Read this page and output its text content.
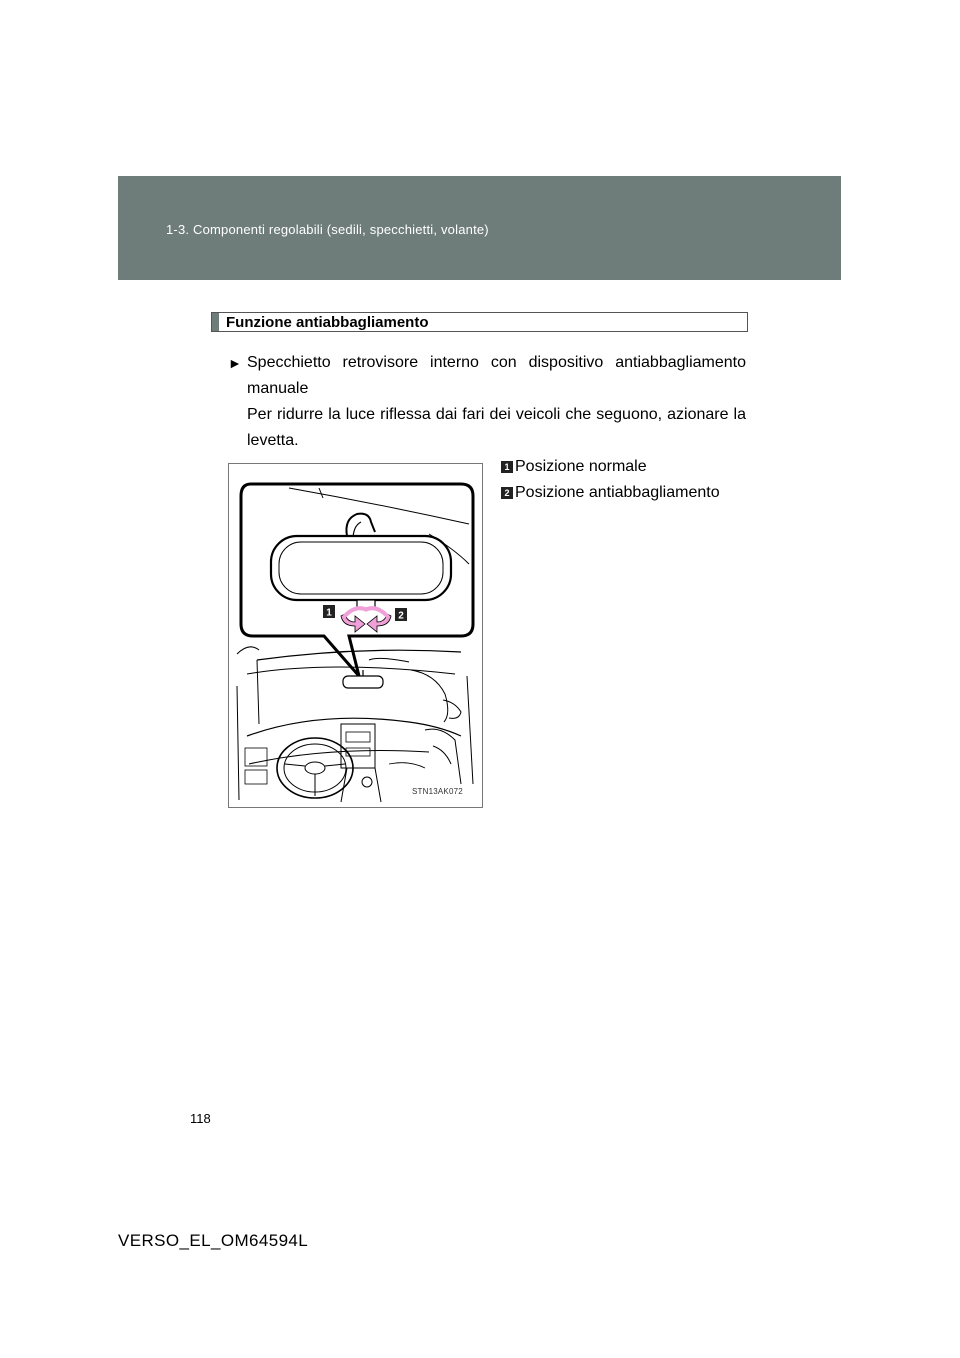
1-3. Componenti regolabili (sedili, specchietti, volante)
Funzione antiabbagliamento
► Specchietto retrovisore interno con dispositivo antiabbagliamento manuale
Per ridurre la luce riflessa dai fari dei veicoli che seguono, azionare la levetta.
1	2
STN13AK072
1 Posizione normale
2 Posizione antiabbagliamento
118
VERSO_EL_OM64594L
